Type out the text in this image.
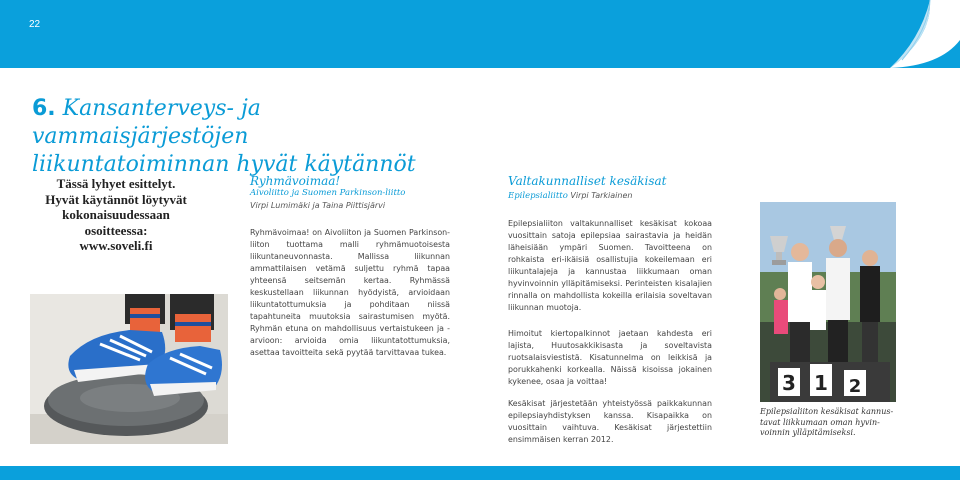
22
6. Kansanterveys- ja vammaisjärjestöjen
liikuntatoiminnan hyvät käytännöt
Tässä lyhyet esittelyt.
Hyvät käytännöt löytyvät
kokonaisuudessaan
osoitteessa:
www.soveli.fi
Ryhmävoimaa!
Aivoliitto ja Suomen Parkinson-liitto
Virpi Lumimäki ja Taina Piittisjärvi

Ryhmävoimaa! on Aivoliiton ja Suomen Parkinson-liiton tuottama malli ryhmämuotoisesta liikuntaneuvonnasta. Mallissa liikunnan ammattilaisen vetämä suljettu ryhmä tapaa yhteensä seitsemän kertaa. Ryhmässä keskustellaan liikunnan hyödyistä, arvioidaan liikuntatottumuksia ja pohditaan niissä tapahtuneita muutoksia sairastumisen myötä. Ryhmän etuna on mahdollisuus vertaistukeen ja -arvioon: arvioida omia liikuntatottumuksia, asettaa tavoitteita sekä pyytää tarvittavaa tukea.

Valtakunnalliset kesäkisat
Epilepsialiitto Virpi Tarkiainen

Epilepsialiiton valtakunnalliset kesäkisat kokoaa vuosittain satoja epilepsiaa sairastavia ja heidän läheisiään ympäri Suomen. Tavoitteena on rohkaista eri-ikäisiä osallistujia kokeilemaan eri liikuntalajeja ja kannustaa liikkumaan oman hyvinvoinnin ylläpitämiseksi. Perinteisten kisalajien rinnalla on mahdollista kokeilla erilaisia soveltavan liikunnan muotoja.

Himoitut kiertopalkinnot jaetaan kahdesta eri lajista, Huutosakkikisasta ja soveltavista ruotsalaisviestistä. Kisatunnelma on leikkisä ja porukkahenki korkealla. Näissä kisoissa jokainen kykenee, osaa ja voittaa!

Kesäkisat järjestetään yhteistyössä paikkakunnan epilepsiayhdistyksen kanssa. Kisapaikka on vuosittain vaihtuva. Kesäkisat järjestettiin ensimmäisen kerran 2012.

3 1 2
Epilepsialiiton kesäkisat kannus-
tavat liikkumaan oman hyvin-
voinnin ylläpitämiseksi.
